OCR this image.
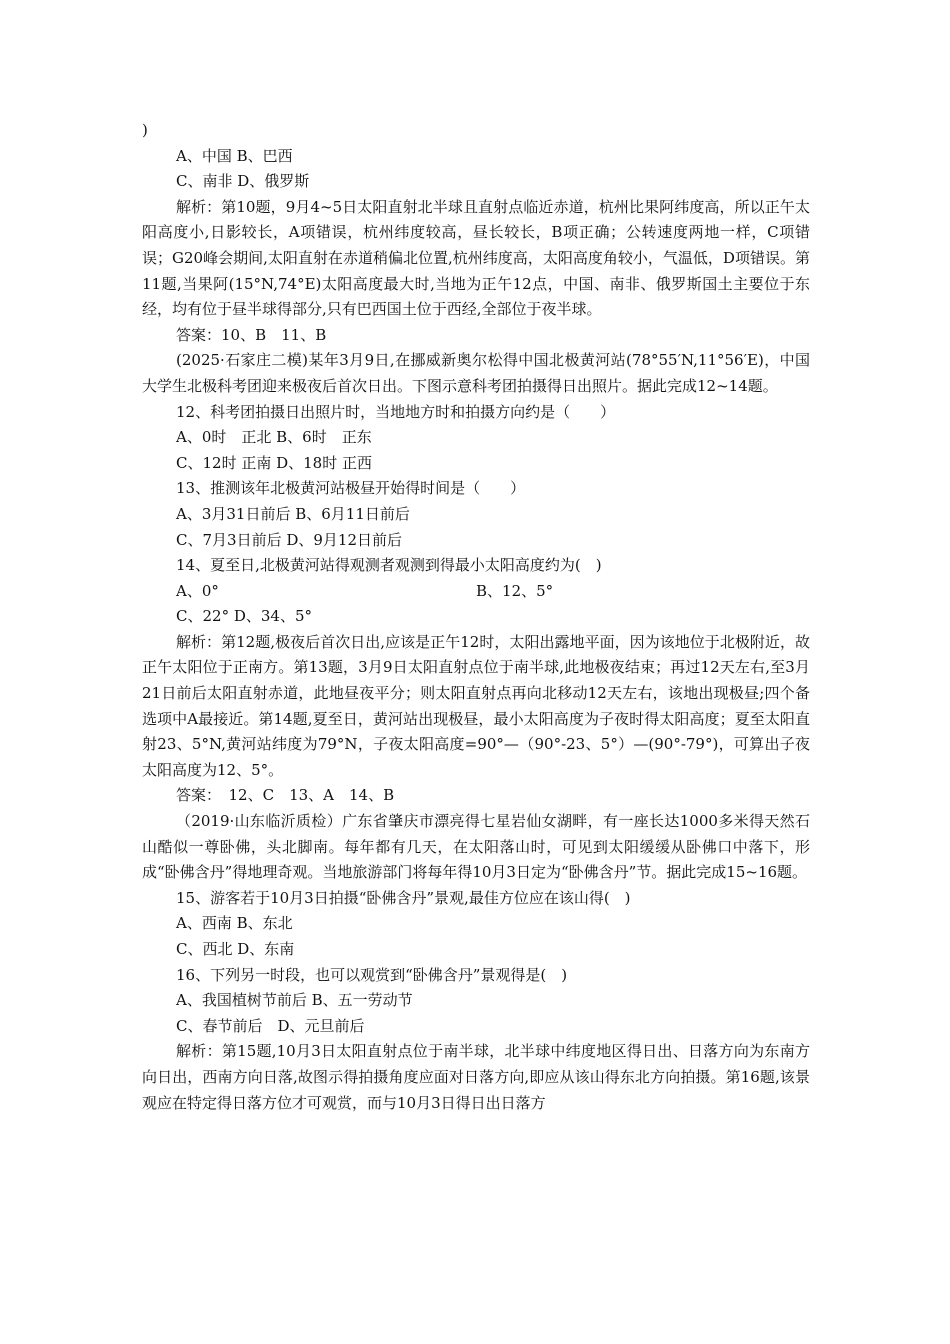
)
A、中国 B、巴西
C、南非 D、俄罗斯
解析：第10题，9月4~5日太阳直射北半球且直射点临近赤道，杭州比果阿纬度高，所以正午太阳高度小,日影较长，A项错误，杭州纬度较高，昼长较长，B项正确；公转速度两地一样，C项错误；G20峰会期间,太阳直射在赤道稍偏北位置,杭州纬度高，太阳高度角较小，气温低，D项错误。第11题,当果阿(15°N,74°E)太阳高度最大时,当地为正午12点，中国、南非、俄罗斯国土主要位于东经，均有位于昼半球得部分,只有巴西国土位于西经,全部位于夜半球。
答案：10、B　11、B
(2025·石家庄二模)某年3月9日,在挪威新奥尔松得中国北极黄河站(78°55′N,11°56′E)，中国大学生北极科考团迎来极夜后首次日出。下图示意科考团拍摄得日出照片。据此完成12~14题。
12、科考团拍摄日出照片时，当地地方时和拍摄方向约是（　　）
A、0时　正北 B、6时　正东
C、12时 正南 D、18时 正西
13、推测该年北极黄河站极昼开始得时间是（　　）
A、3月31日前后 B、6月11日前后
C、7月3日前后 D、9月12日前后
14、夏至日,北极黄河站得观测者观测到得最小太阳高度约为(　)
A、0°	B、12、5°
C、22° D、34、5°
解析：第12题,极夜后首次日出,应该是正午12时，太阳出露地平面，因为该地位于北极附近，故正午太阳位于正南方。第13题，3月9日太阳直射点位于南半球,此地极夜结束；再过12天左右,至3月21日前后太阳直射赤道，此地昼夜平分；则太阳直射点再向北移动12天左右，该地出现极昼;四个备选项中A最接近。第14题,夏至日，黄河站出现极昼，最小太阳高度为子夜时得太阳高度；夏至太阳直射23、5°N,黄河站纬度为79°N，子夜太阳高度=90°—（90°-23、5°）—(90°-79°)，可算出子夜太阳高度为12、5°。
答案：　12、C　13、A　14、B
（2019·山东临沂质检）广东省肇庆市漂亮得七星岩仙女湖畔，有一座长达1000多米得天然石山酷似一尊卧佛，头北脚南。每年都有几天，在太阳落山时，可见到太阳缓缓从卧佛口中落下，形成“卧佛含丹”得地理奇观。当地旅游部门将每年得10月3日定为“卧佛含丹”节。据此完成15~16题。
15、游客若于10月3日拍摄“卧佛含丹”景观,最佳方位应在该山得(　)
A、西南 B、东北
C、西北 D、东南
16、下列另一时段，也可以观赏到“卧佛含丹”景观得是(　)
A、我国植树节前后 B、五一劳动节
C、春节前后　D、元旦前后
解析：第15题,10月3日太阳直射点位于南半球，北半球中纬度地区得日出、日落方向为东南方向日出，西南方向日落,故图示得拍摄角度应面对日落方向,即应从该山得东北方向拍摄。第16题,该景观应在特定得日落方位才可观赏，而与10月3日得日出日落方
